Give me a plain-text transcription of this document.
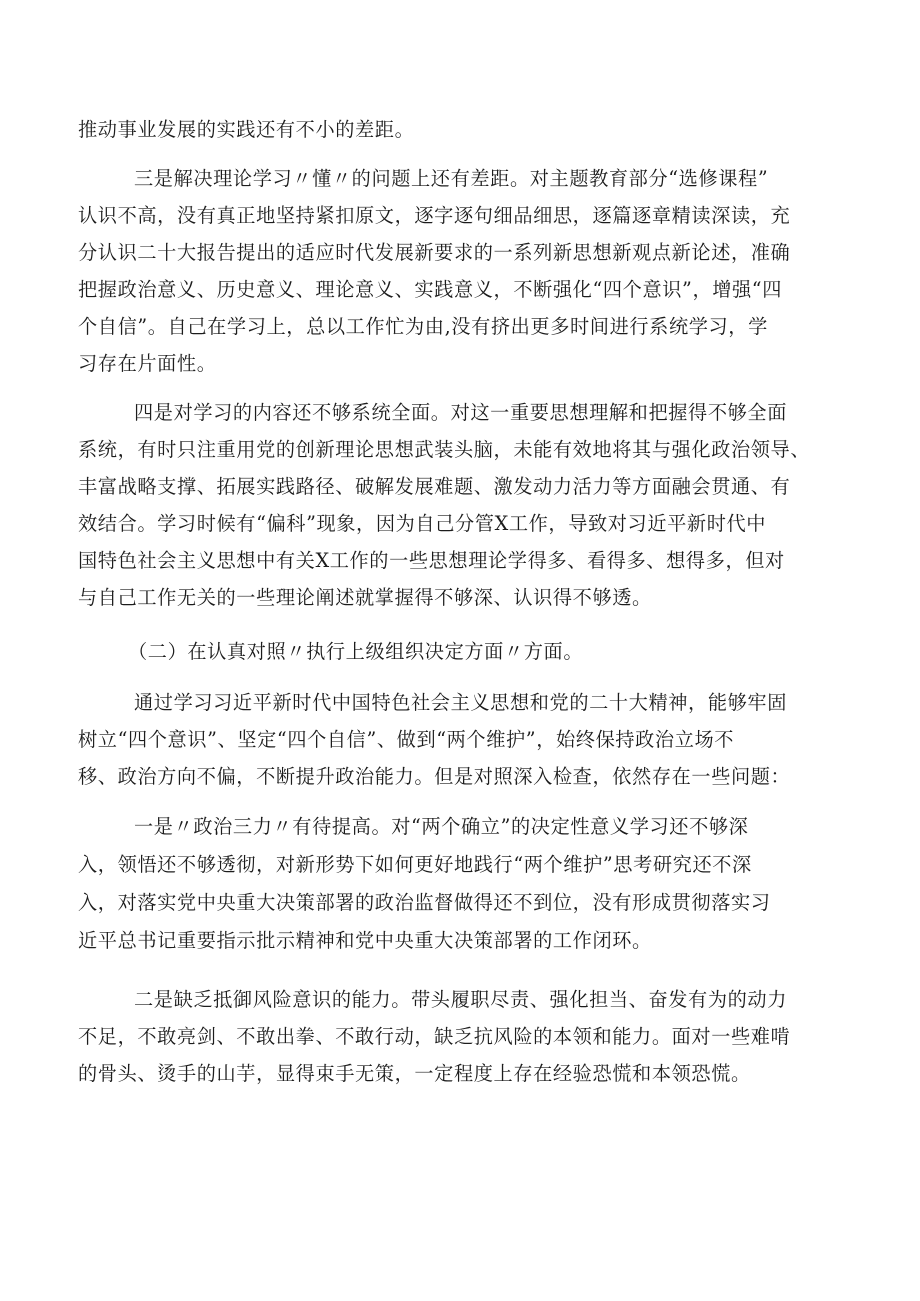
推动事业发展的实践还有不小的差距。

三是解决理论学习〃懂〃的问题上还有差距。对主题教育部分“选修课程”

认识不高，没有真正地坚持紧扣原文，逐字逐句细品细思，逐篇逐章精读深读，充

分认识二十大报告提出的适应时代发展新要求的一系列新思想新观点新论述，准确

把握政治意义、历史意义、理论意义、实践意义，不断强化“四个意识”，增强“四

个自信”。自己在学习上，总以工作忙为由,没有挤出更多时间进行系统学习，学

习存在片面性。

四是对学习的内容还不够系统全面。对这一重要思想理解和把握得不够全面

系统，有时只注重用党的创新理论思想武装头脑，未能有效地将其与强化政治领导、

丰富战略支撑、拓展实践路径、破解发展难题、激发动力活力等方面融会贯通、有

效结合。学习时候有“偏科”现象，因为自己分管X工作，导致对习近平新时代中

国特色社会主义思想中有关X工作的一些思想理论学得多、看得多、想得多，但对

与自己工作无关的一些理论阐述就掌握得不够深、认识得不够透。

（二）在认真对照〃执行上级组织决定方面〃方面。

通过学习习近平新时代中国特色社会主义思想和党的二十大精神，能够牢固

树立“四个意识”、坚定“四个自信”、做到“两个维护”，始终保持政治立场不

移、政治方向不偏，不断提升政治能力。但是对照深入检查，依然存在一些问题：

一是〃政治三力〃有待提高。对“两个确立”的决定性意义学习还不够深

入，领悟还不够透彻，对新形势下如何更好地践行“两个维护”思考研究还不深

入，对落实党中央重大决策部署的政治监督做得还不到位，没有形成贯彻落实习

近平总书记重要指示批示精神和党中央重大决策部署的工作闭环。

二是缺乏抵御风险意识的能力。带头履职尽责、强化担当、奋发有为的动力

不足，不敢亮剑、不敢出拳、不敢行动，缺乏抗风险的本领和能力。面对一些难啃

的骨头、烫手的山芋，显得束手无策，一定程度上存在经验恐慌和本领恐慌。
